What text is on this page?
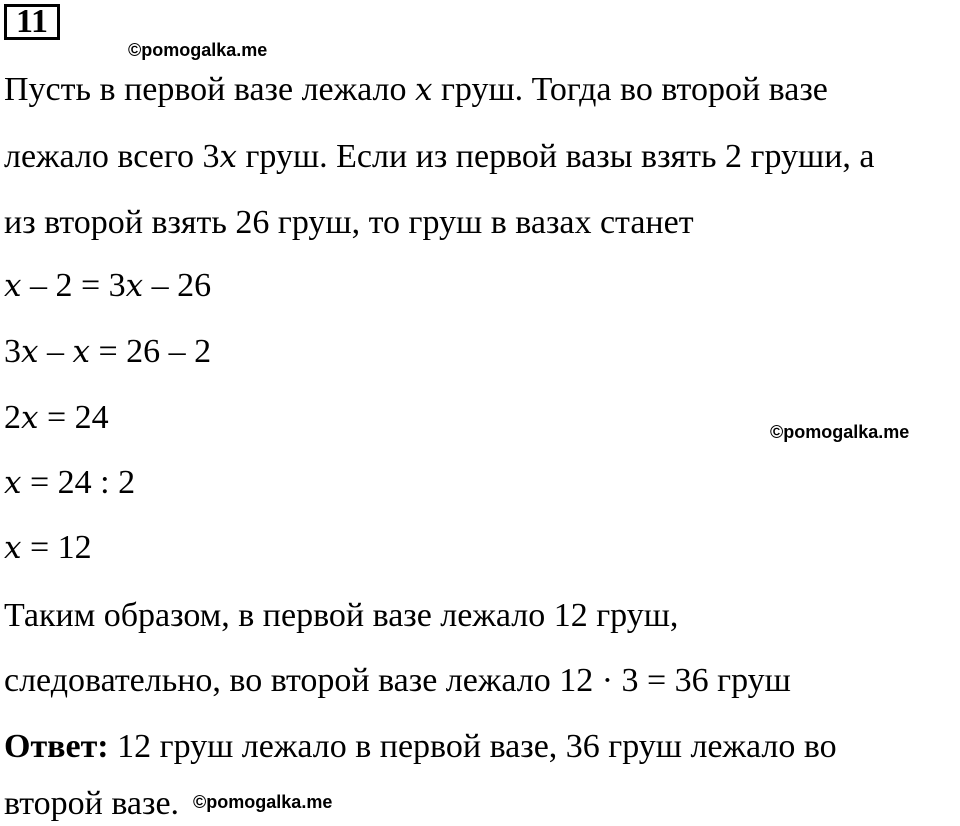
11
©pomogalka.me
©pomogalka.me
Пусть в первой вазе лежало x груш. Тогда во второй вазе
лежало всего 3x груш. Если из первой вазы взять 2 груши, а
из второй взять 26 груш, то груш в вазах станет
x – 2 = 3x – 26
3x – x = 26 – 2
2x = 24
x = 24 : 2
x = 12
Таким образом, в первой вазе лежало 12 груш,
следовательно, во второй вазе лежало 12 · 3 = 36 груш
Ответ: 12 груш лежало в первой вазе, 36 груш лежало во
второй вазе. ©pomogalka.me
